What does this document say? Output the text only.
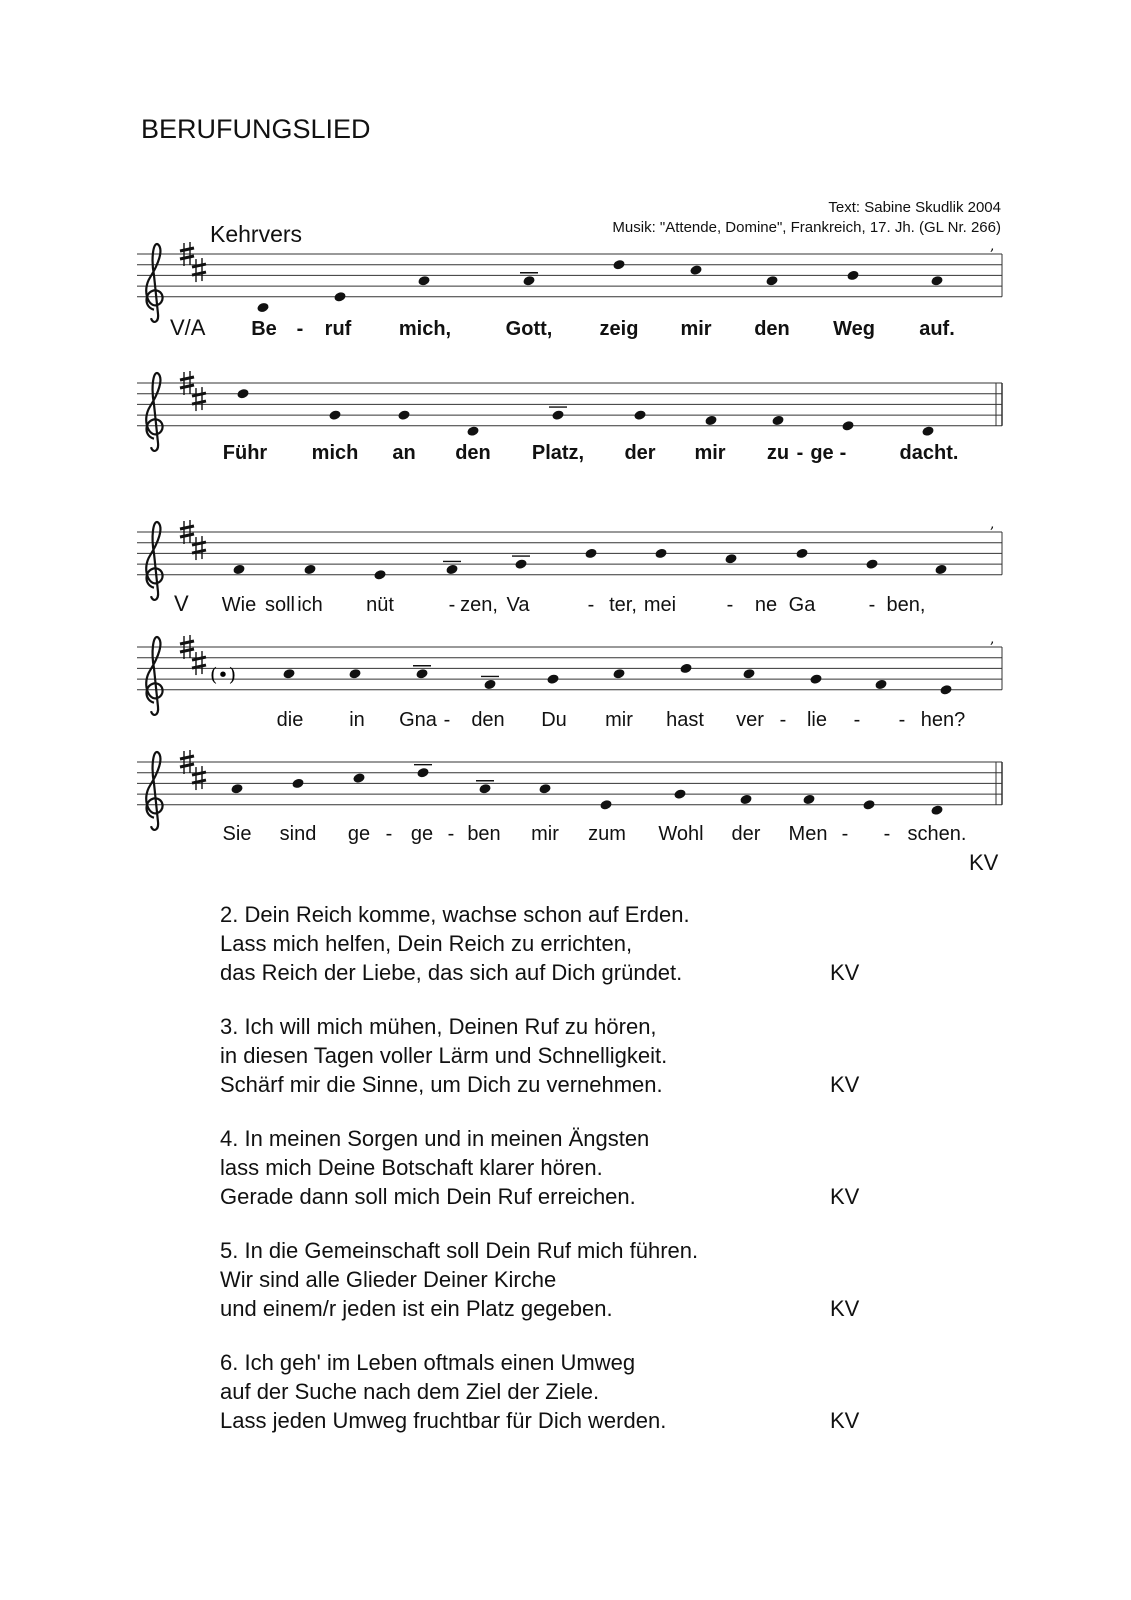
BERUFUNGSLIED
Text: Sabine Skudlik 2004
Musik: "Attende, Domine", Frankreich, 17. Jh. (GL Nr. 266)
Kehrvers
V/A
V
,
,
,
(•)
Be - ruf mich,	Gott, zeig mir den Weg auf.
Führ mich an den Platz, der mir zu - ge -	dacht.
Wie soll ich nüt	- zen, Va	- ter, mei	- ne Ga	- ben,
die in Gna - den Du mir hast ver - lie - - hen?
Sie sind ge - ge - ben mir zum Wohl der Men - - schen.
KV
2. Dein Reich komme, wachse schon auf Erden.
Lass mich helfen, Dein Reich zu errichten,
das Reich der Liebe, das sich auf Dich gründet.	KV
3. Ich will mich mühen, Deinen Ruf zu hören,
in diesen Tagen voller Lärm und Schnelligkeit.
Schärf mir die Sinne, um Dich zu vernehmen.	KV
4. In meinen Sorgen und in meinen Ängsten
lass mich Deine Botschaft klarer hören.
Gerade dann soll mich Dein Ruf erreichen.	KV
5. In die Gemeinschaft soll Dein Ruf mich führen.
Wir sind alle Glieder Deiner Kirche
und einem/r jeden ist ein Platz gegeben.	KV
6. Ich geh' im Leben oftmals einen Umweg
auf der Suche nach dem Ziel der Ziele.
Lass jeden Umweg fruchtbar für Dich werden.	KV
